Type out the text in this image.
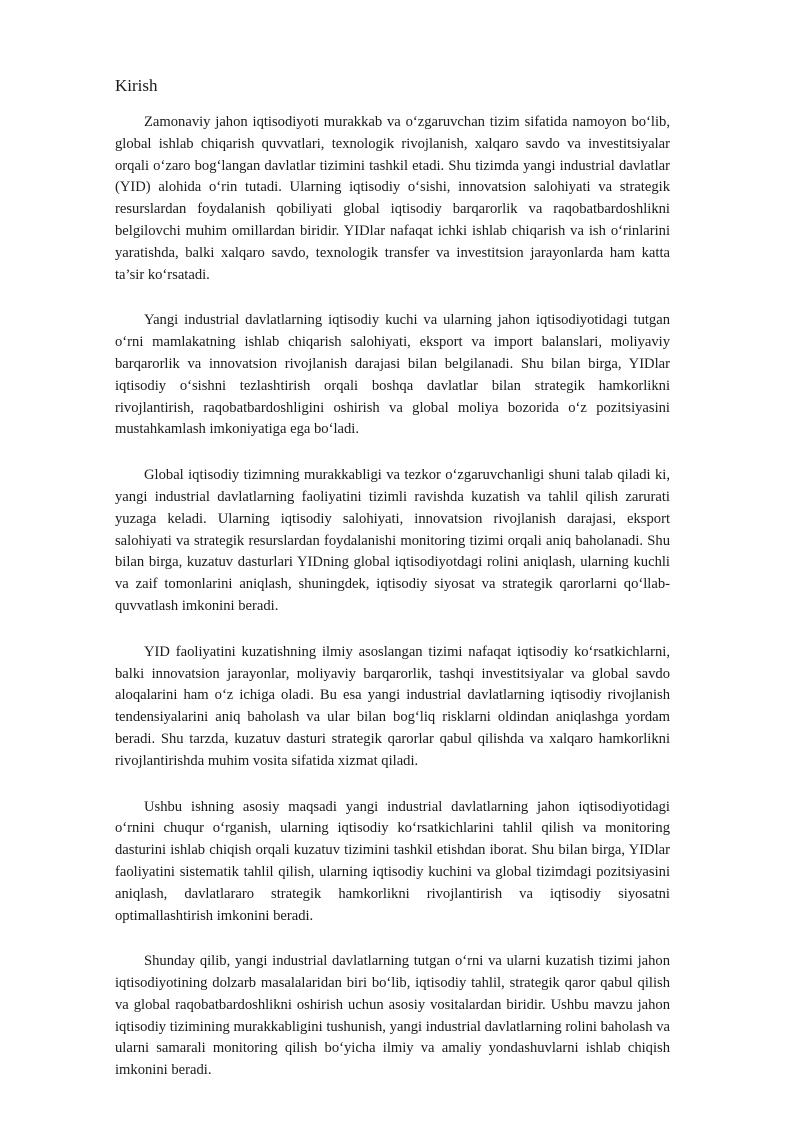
Kirish

Zamonaviy jahon iqtisodiyoti murakkab va o‘zgaruvchan tizim sifatida namoyon bo‘lib, global ishlab chiqarish quvvatlari, texnologik rivojlanish, xalqaro savdo va investitsiyalar orqali o‘zaro bog‘langan davlatlar tizimini tashkil etadi. Shu tizimda yangi industrial davlatlar (YID) alohida o‘rin tutadi. Ularning iqtisodiy o‘sishi, innovatsion salohiyati va strategik resurslardan foydalanish qobiliyati global iqtisodiy barqarorlik va raqobatbardoshlikni belgilovchi muhim omillardan biridir. YIDlar nafaqat ichki ishlab chiqarish va ish o‘rinlarini yaratishda, balki xalqaro savdo, texnologik transfer va investitsion jarayonlarda ham katta ta’sir ko‘rsatadi.

Yangi industrial davlatlarning iqtisodiy kuchi va ularning jahon iqtisodiyotidagi tutgan o‘rni mamlakatning ishlab chiqarish salohiyati, eksport va import balanslari, moliyaviy barqarorlik va innovatsion rivojlanish darajasi bilan belgilanadi. Shu bilan birga, YIDlar iqtisodiy o‘sishni tezlashtirish orqali boshqa davlatlar bilan strategik hamkorlikni rivojlantirish, raqobatbardoshligini oshirish va global moliya bozorida o‘z pozitsiyasini mustahkamlash imkoniyatiga ega bo‘ladi.

Global iqtisodiy tizimning murakkabligi va tezkor o‘zgaruvchanligi shuni talab qiladi ki, yangi industrial davlatlarning faoliyatini tizimli ravishda kuzatish va tahlil qilish zarurati yuzaga keladi. Ularning iqtisodiy salohiyati, innovatsion rivojlanish darajasi, eksport salohiyati va strategik resurslardan foydalanishi monitoring tizimi orqali aniq baholanadi. Shu bilan birga, kuzatuv dasturlari YIDning global iqtisodiyotdagi rolini aniqlash, ularning kuchli va zaif tomonlarini aniqlash, shuningdek, iqtisodiy siyosat va strategik qarorlarni qo‘llab-quvvatlash imkonini beradi.

YID faoliyatini kuzatishning ilmiy asoslangan tizimi nafaqat iqtisodiy ko‘rsatkichlarni, balki innovatsion jarayonlar, moliyaviy barqarorlik, tashqi investitsiyalar va global savdo aloqalarini ham o‘z ichiga oladi. Bu esa yangi industrial davlatlarning iqtisodiy rivojlanish tendensiyalarini aniq baholash va ular bilan bog‘liq risklarni oldindan aniqlashga yordam beradi. Shu tarzda, kuzatuv dasturi strategik qarorlar qabul qilishda va xalqaro hamkorlikni rivojlantirishda muhim vosita sifatida xizmat qiladi.

Ushbu ishning asosiy maqsadi yangi industrial davlatlarning jahon iqtisodiyotidagi o‘rnini chuqur o‘rganish, ularning iqtisodiy ko‘rsatkichlarini tahlil qilish va monitoring dasturini ishlab chiqish orqali kuzatuv tizimini tashkil etishdan iborat. Shu bilan birga, YIDlar faoliyatini sistematik tahlil qilish, ularning iqtisodiy kuchini va global tizimdagi pozitsiyasini aniqlash, davlatlararo strategik hamkorlikni rivojlantirish va iqtisodiy siyosatni optimallashtirish imkonini beradi.

Shunday qilib, yangi industrial davlatlarning tutgan o‘rni va ularni kuzatish tizimi jahon iqtisodiyotining dolzarb masalalaridan biri bo‘lib, iqtisodiy tahlil, strategik qaror qabul qilish va global raqobatbardoshlikni oshirish uchun asosiy vositalardan biridir. Ushbu mavzu jahon iqtisodiy tizimining murakkabligini tushunish, yangi industrial davlatlarning rolini baholash va ularni samarali monitoring qilish bo‘yicha ilmiy va amaliy yondashuvlarni ishlab chiqish imkonini beradi.
